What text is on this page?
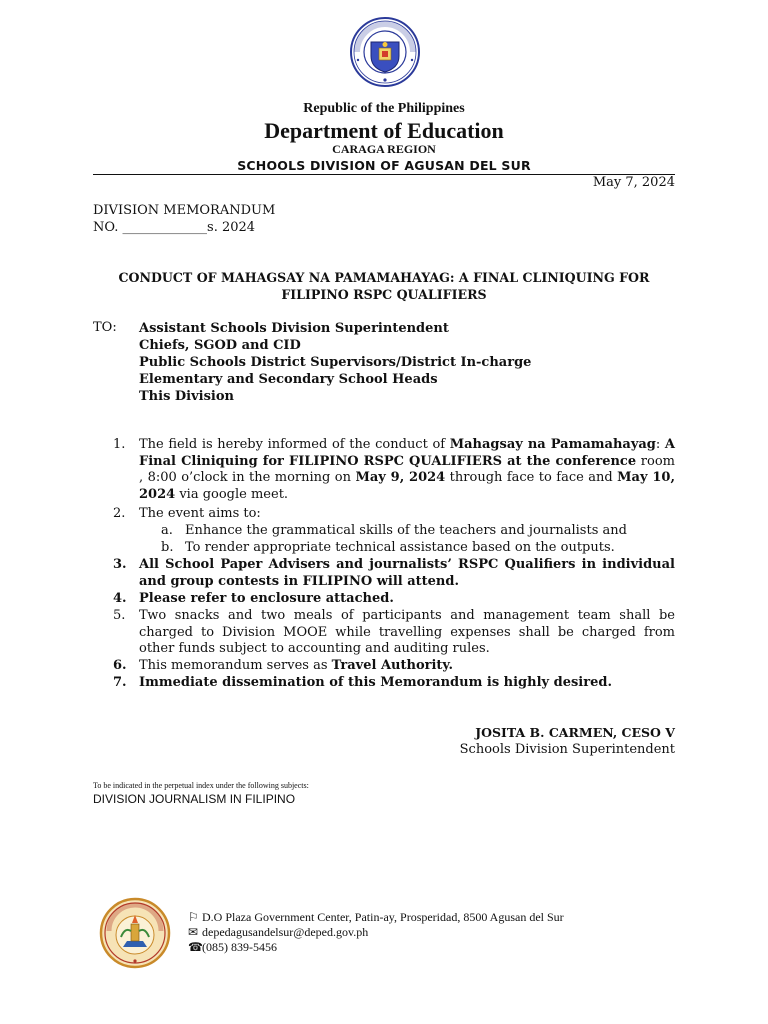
Republic of the Philippines
Department of Education
CARAGA REGION
SCHOOLS DIVISION OF AGUSAN DEL SUR
May 7, 2024
DIVISION MEMORANDUM
NO. _____________s. 2024
CONDUCT OF MAHAGSAY NA PAMAMAHAYAG: A FINAL CLINIQUING FOR
FILIPINO RSPC QUALIFIERS
TO: Assistant Schools Division Superintendent
Chiefs, SGOD and CID
Public Schools District Supervisors/District In-charge
Elementary and Secondary School Heads
This Division
1.	The field is hereby informed of the conduct of Mahagsay na Pamamahayag: A Final Cliniquing for FILIPINO RSPC QUALIFIERS at the conference room , 8:00 o’clock in the morning on May 9, 2024 through face to face and May 10, 2024 via google meet.
2.	The event aims to:
a. Enhance the grammatical skills of the teachers and journalists and
b. To render appropriate technical assistance based on the outputs.
3. All School Paper Advisers and journalists’ RSPC Qualifiers in individual and group contests in FILIPINO will attend.
4. Please refer to enclosure attached.
5.	Two snacks and two meals of participants and management team shall be charged to Division MOOE while travelling expenses shall be charged from other funds subject to accounting and auditing rules.
6. This memorandum serves as Travel Authority.
7. Immediate dissemination of this Memorandum is highly desired.
JOSITA B. CARMEN, CESO V
Schools Division Superintendent
To be indicated in the perpetual index under the following subjects:
DIVISION JOURNALISM IN FILIPINO
⚐ D.O Plaza Government Center, Patin-ay, Prosperidad, 8500 Agusan del Sur
✉ depedagusandelsur@deped.gov.ph
☎(085) 839-5456
